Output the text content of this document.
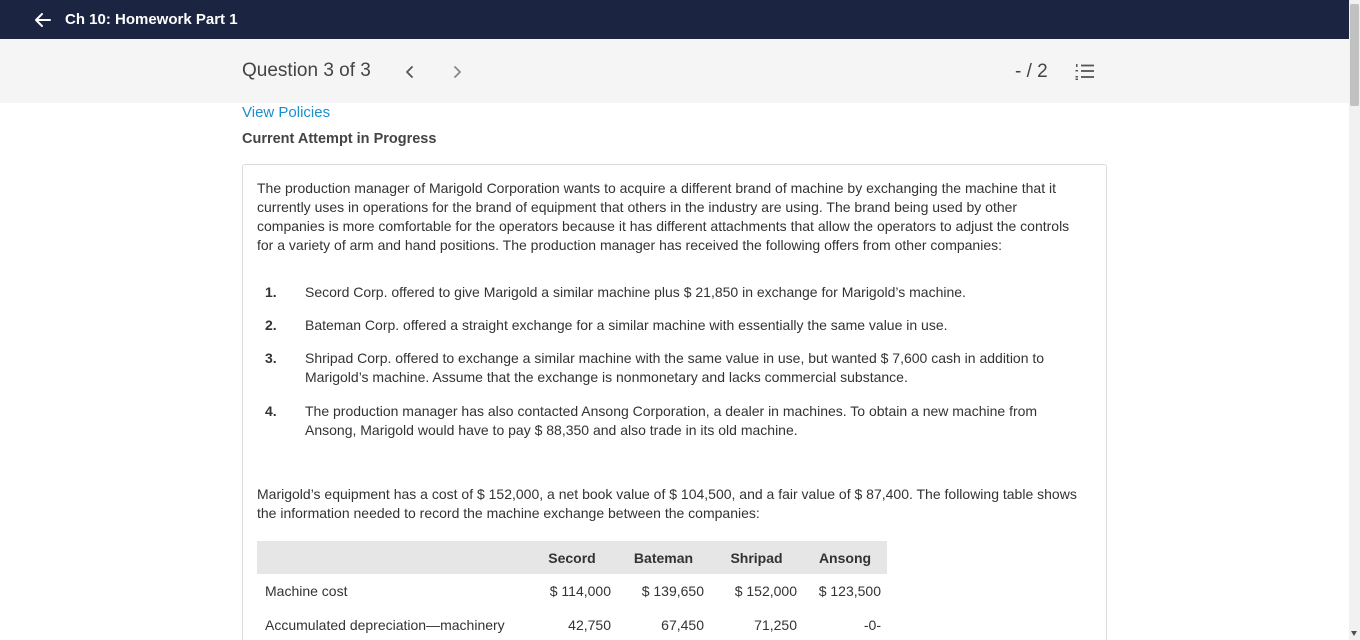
Ch 10: Homework Part 1
Question 3 of 3	- / 2
View Policies
Current Attempt in Progress

The production manager of Marigold Corporation wants to acquire a different brand of machine by exchanging the machine that it currently uses in operations for the brand of equipment that others in the industry are using. The brand being used by other companies is more comfortable for the operators because it has different attachments that allow the operators to adjust the controls for a variety of arm and hand positions. The production manager has received the following offers from other companies:

1. Secord Corp. offered to give Marigold a similar machine plus $ 21,850 in exchange for Marigold’s machine.
2. Bateman Corp. offered a straight exchange for a similar machine with essentially the same value in use.
3. Shripad Corp. offered to exchange a similar machine with the same value in use, but wanted $ 7,600 cash in addition to Marigold’s machine. Assume that the exchange is nonmonetary and lacks commercial substance.
4. The production manager has also contacted Ansong Corporation, a dealer in machines. To obtain a new machine from Ansong, Marigold would have to pay $ 88,350 and also trade in its old machine.

Marigold’s equipment has a cost of $ 152,000, a net book value of $ 104,500, and a fair value of $ 87,400. The following table shows the information needed to record the machine exchange between the companies:

	Secord	Bateman	Shripad	Ansong
Machine cost	$ 114,000	$ 139,650	$ 152,000	$ 123,500
Accumulated depreciation—machinery	42,750	67,450	71,250	-0-
